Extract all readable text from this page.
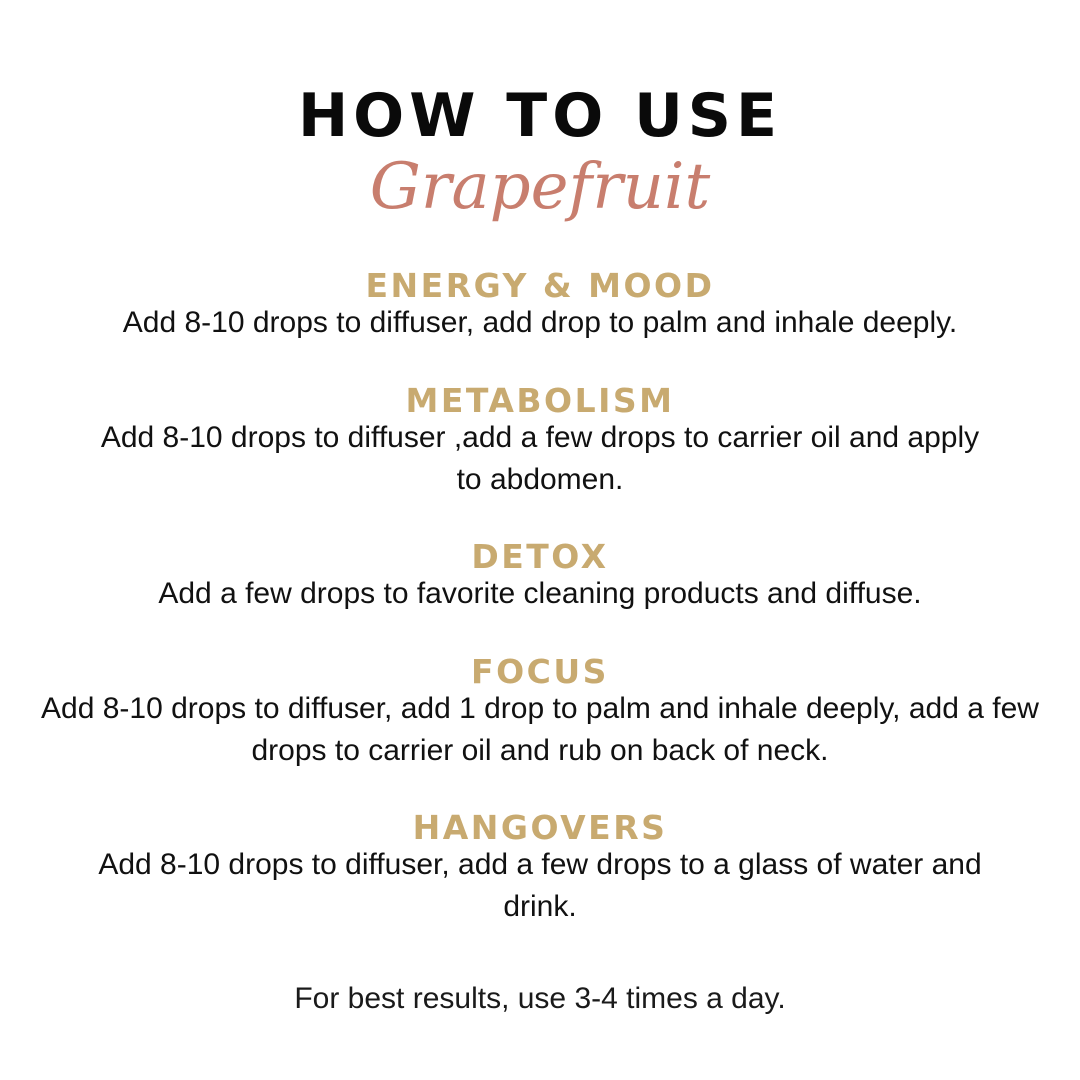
HOW TO USE
Grapefruit

ENERGY & MOOD

Add 8-10 drops to diffuser, add drop to palm and inhale deeply.

METABOLISM

Add 8-10 drops to diffuser ,add a few drops to carrier oil and apply to abdomen.

DETOX

Add a few drops to favorite cleaning products and diffuse.

FOCUS

Add 8-10 drops to diffuser, add 1 drop to palm and inhale deeply, add a few drops to carrier oil and rub on back of neck.

HANGOVERS

Add 8-10 drops to diffuser, add a few drops to a glass of water and drink.

For best results, use 3-4 times a day.
